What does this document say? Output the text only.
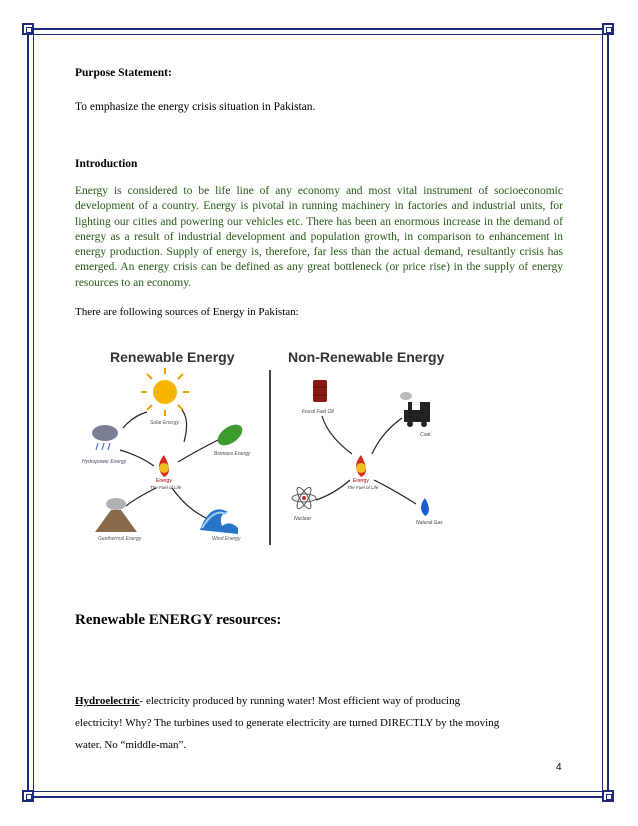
Purpose Statement:
To emphasize the energy crisis situation in Pakistan.
Introduction
Energy is considered to be life line of any economy and most vital instrument of socioeconomic development of a country. Energy is pivotal in running machinery in factories and industrial units, for lighting our cities and powering our vehicles etc. There has been an enormous increase in the demand of energy as a result of industrial development and population growth, in comparison to enhancement in energy production. Supply of energy is, therefore, far less than the actual demand, resultantly crisis has emerged. An energy crisis can be defined as any great bottleneck (or price rise) in the supply of energy resources to an economy.
There are following sources of Energy in Pakistan:
Renewable Energy	Non-Renewable Energy
Solar Energy
Hydropower Energy
Biomass Energy
Energy
The Fuel of Life
Geothermal Energy	Wind Energy
Fossil Fuel Oil
Coal
Energy
The Fuel of Life
Nuclear
Natural Gas
Renewable ENERGY resources:
Hydroelectric- electricity produced by running water! Most efficient way of producing
electricity! Why? The turbines used to generate electricity are turned DIRECTLY by the moving
water. No “middle-man”.
4
